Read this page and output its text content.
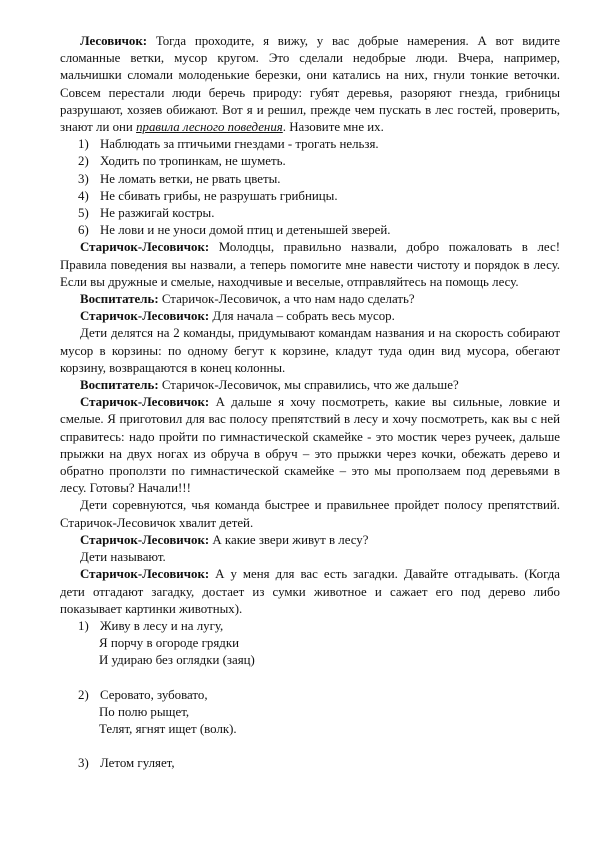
Лесовичок: Тогда проходите, я вижу, у вас добрые намерения. А вот видите сломанные ветки, мусор кругом. Это сделали недобрые люди. Вчера, например, мальчишки сломали молоденькие березки, они катались на них, гнули тонкие веточки. Совсем перестали люди беречь природу: губят деревья, разоряют гнезда, грибницы разрушают, хозяев обижают. Вот я и решил, прежде чем пускать в лес гостей, проверить, знают ли они правила лесного поведения. Назовите мне их.

1) Наблюдать за птичьими гнездами - трогать нельзя.
2) Ходить по тропинкам, не шуметь.
3) Не ломать ветки, не рвать цветы.
4) Не сбивать грибы, не разрушать грибницы.
5) Не разжигай костры.
6) Не лови и не уноси домой птиц и детенышей зверей.

Старичок-Лесовичок: Молодцы, правильно назвали, добро пожаловать в лес! Правила поведения вы назвали, а теперь помогите мне навести чистоту и порядок в лесу. Если вы дружные и смелые, находчивые и веселые, отправляйтесь на помощь лесу.

Воспитатель: Старичок-Лесовичок, а что нам надо сделать?

Старичок-Лесовичок: Для начала – собрать весь мусор.

Дети делятся на 2 команды, придумывают командам названия и на скорость собирают мусор в корзины: по одному бегут к корзине, кладут туда один вид мусора, обегают корзину, возвращаются в конец колонны.

Воспитатель: Старичок-Лесовичок, мы справились, что же дальше?

Старичок-Лесовичок: А дальше я хочу посмотреть, какие вы сильные, ловкие и смелые. Я приготовил для вас полосу препятствий в лесу и хочу посмотреть, как вы с ней справитесь: надо пройти по гимнастической скамейке - это мостик через ручеек, дальше прыжки на двух ногах из обруча в обруч – это прыжки через кочки, обежать дерево и обратно проползти по гимнастической скамейке – это мы проползаем под деревьями в лесу. Готовы? Начали!!!

Дети соревнуются, чья команда быстрее и правильнее пройдет полосу препятствий. Старичок-Лесовичок хвалит детей.

Старичок-Лесовичок: А какие звери живут в лесу?

Дети называют.

Старичок-Лесовичок: А у меня для вас есть загадки. Давайте отгадывать. (Когда дети отгадают загадку, достает из сумки животное и сажает его под дерево либо показывает картинки животных).

1) Живу в лесу и на лугу,
Я порчу в огороде грядки
И удираю без оглядки (заяц)
2) Серовато, зубовато,
По полю рыщет,
Телят, ягнят ищет (волк).
3) Летом гуляет,
